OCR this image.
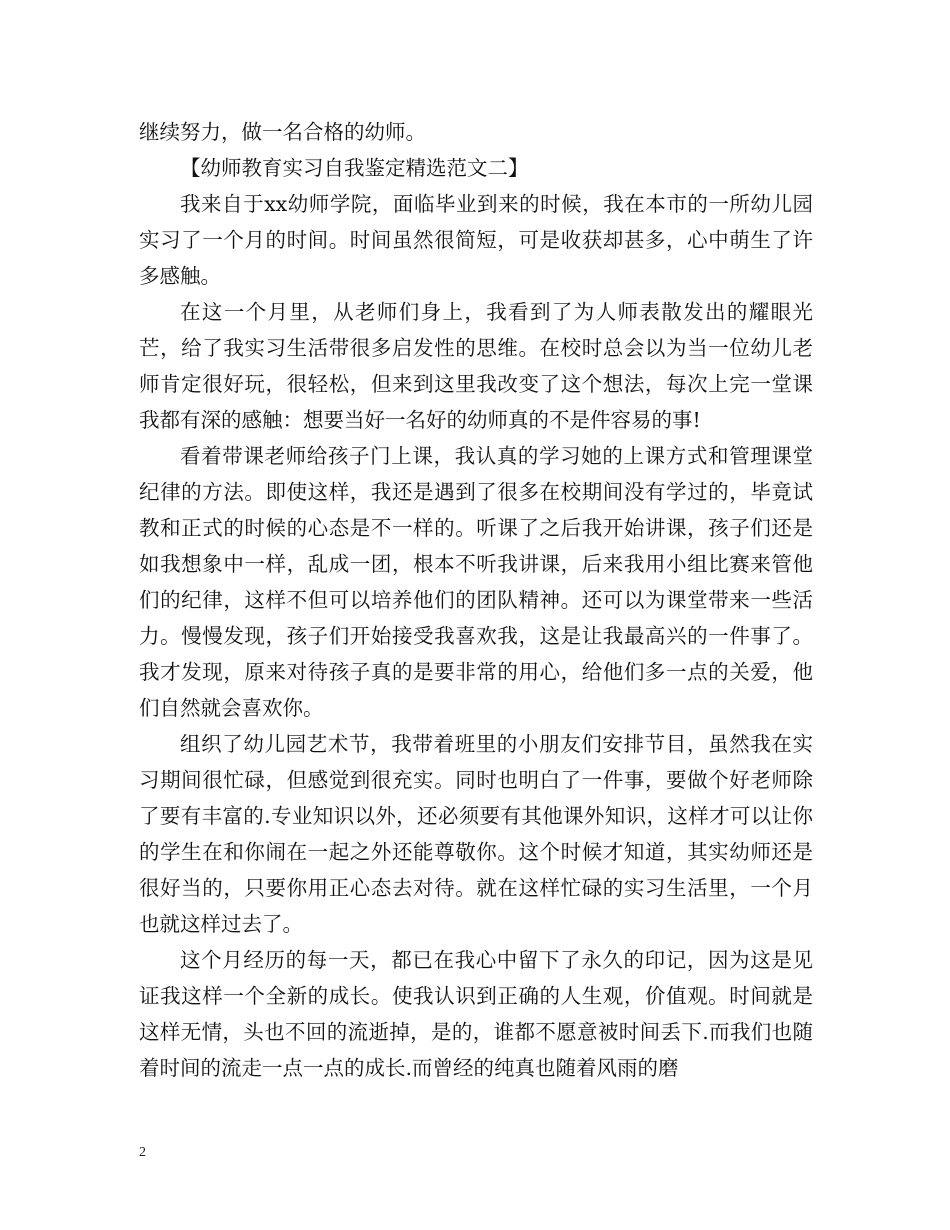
继续努力，做一名合格的幼师。

【幼师教育实习自我鉴定精选范文二】

我来自于xx幼师学院，面临毕业到来的时候，我在本市的一所幼儿园实习了一个月的时间。时间虽然很简短，可是收获却甚多，心中萌生了许多感触。

在这一个月里，从老师们身上，我看到了为人师表散发出的耀眼光芒，给了我实习生活带很多启发性的思维。在校时总会以为当一位幼儿老师肯定很好玩，很轻松，但来到这里我改变了这个想法，每次上完一堂课我都有深的感触：想要当好一名好的幼师真的不是件容易的事!

看着带课老师给孩子门上课，我认真的学习她的上课方式和管理课堂纪律的方法。即使这样，我还是遇到了很多在校期间没有学过的，毕竟试教和正式的时候的心态是不一样的。听课了之后我开始讲课，孩子们还是如我想象中一样，乱成一团，根本不听我讲课，后来我用小组比赛来管他们的纪律，这样不但可以培养他们的团队精神。还可以为课堂带来一些活力。慢慢发现，孩子们开始接受我喜欢我，这是让我最高兴的一件事了。我才发现，原来对待孩子真的是要非常的用心，给他们多一点的关爱，他们自然就会喜欢你。

组织了幼儿园艺术节，我带着班里的小朋友们安排节目，虽然我在实习期间很忙碌，但感觉到很充实。同时也明白了一件事，要做个好老师除了要有丰富的.专业知识以外，还必须要有其他课外知识，这样才可以让你的学生在和你闹在一起之外还能尊敬你。这个时候才知道，其实幼师还是很好当的，只要你用正心态去对待。就在这样忙碌的实习生活里，一个月也就这样过去了。

这个月经历的每一天，都已在我心中留下了永久的印记，因为这是见证我这样一个全新的成长。使我认识到正确的人生观，价值观。时间就是这样无情，头也不回的流逝掉，是的，谁都不愿意被时间丢下.而我们也随着时间的流走一点一点的成长.而曾经的纯真也随着风雨的磨

2
